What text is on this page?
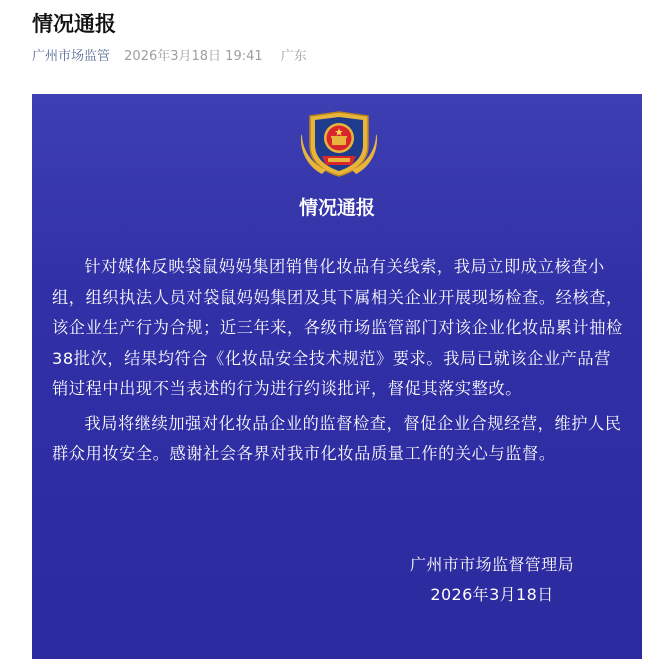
情况通报
广州市场监管 2026年3月18日 19:41 广东
情况通报

针对媒体反映袋鼠妈妈集团销售化妆品有关线索，我局立即成立核查小组，组织执法人员对袋鼠妈妈集团及其下属相关企业开展现场检查。经核查，该企业生产行为合规；近三年来，各级市场监管部门对该企业化妆品累计抽检38批次，结果均符合《化妆品安全技术规范》要求。我局已就该企业产品营销过程中出现不当表述的行为进行约谈批评，督促其落实整改。

我局将继续加强对化妆品企业的监督检查，督促企业合规经营，维护人民群众用妆安全。感谢社会各界对我市化妆品质量工作的关心与监督。

广州市市场监督管理局
2026年3月18日
